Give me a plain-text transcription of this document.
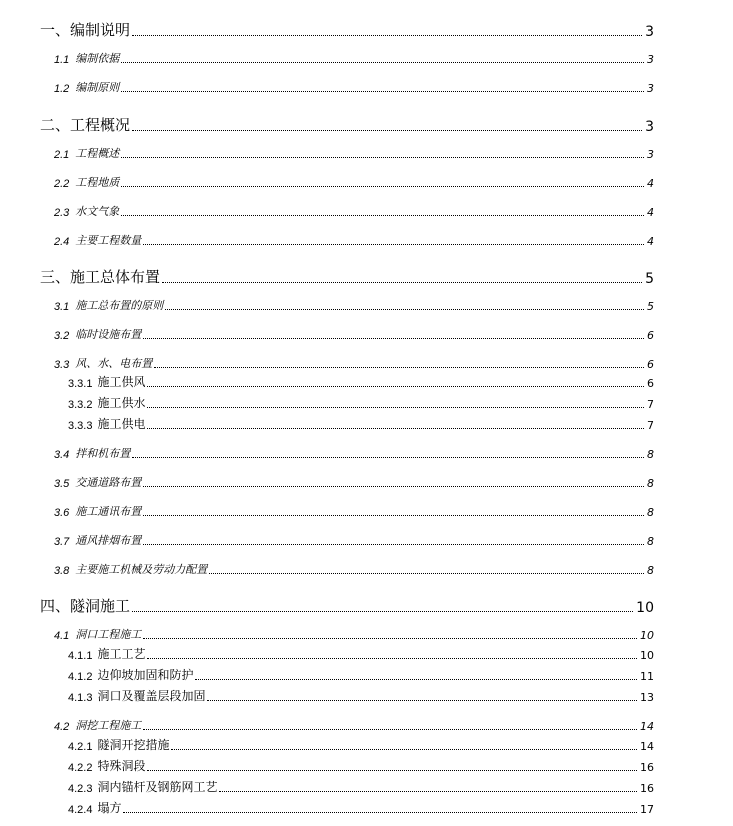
一、编制说明	3
1.1 编制依据	3
1.2 编制原则	3
二、工程概况	3
2.1 工程概述	3
2.2 工程地质	4
2.3 水文气象	4
2.4 主要工程数量	4
三、施工总体布置	5
3.1 施工总布置的原则	5
3.2 临时设施布置	6
3.3 风、水、电布置	6
3.3.1 施工供风	6
3.3.2 施工供水	7
3.3.3 施工供电	7
3.4 拌和机布置	8
3.5 交通道路布置	8
3.6 施工通讯布置	8
3.7 通风排烟布置	8
3.8 主要施工机械及劳动力配置	8
四、隧洞施工	10
4.1 洞口工程施工	10
4.1.1 施工工艺	10
4.1.2 边仰坡加固和防护	11
4.1.3 洞口及覆盖层段加固	13
4.2 洞挖工程施工	14
4.2.1 隧洞开挖措施	14
4.2.2 特殊洞段	16
4.2.3 洞内锚杆及钢筋网工艺	16
4.2.4 塌方	17
